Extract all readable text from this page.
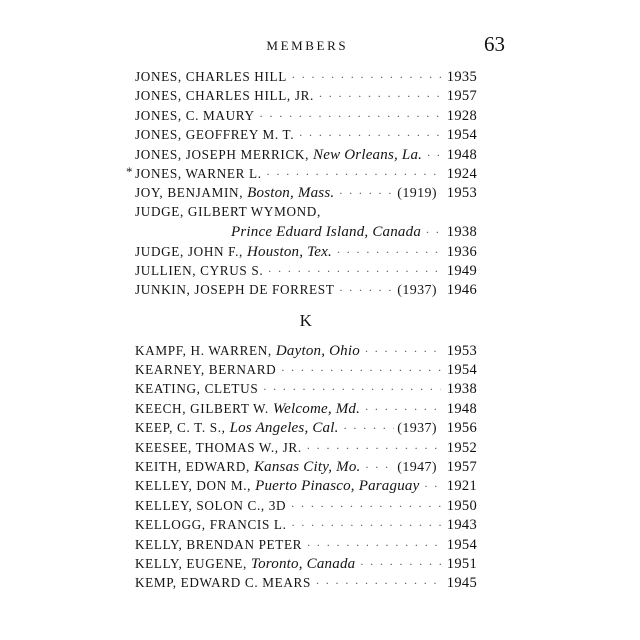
MEMBERS	63
JONES, CHARLES HILL . . .	1935
JONES, CHARLES HILL, JR. . . .	1957
JONES, C. MAURY . . .	1928
JONES, GEOFFREY M. T. . . .	1954
JONES, JOSEPH MERRICK, New Orleans, La. . . . 1948
* JONES, WARNER L. . . .	1924
JOY, BENJAMIN, Boston, Mass. . . .	(1919) 1953
JUDGE, GILBERT WYMOND,
Prince Eduard Island, Canada . . . 1938
JUDGE, JOHN F., Houston, Tex. . . .	1936
JULLIEN, CYRUS S. . . .	1949
JUNKIN, JOSEPH DE FORREST . . .	(1937) 1946
K
KAMPF, H. WARREN, Dayton, Ohio . . .	1953
KEARNEY, BERNARD . . .	1954
KEATING, CLETUS . . .	1938
KEECH, GILBERT W. Welcome, Md. . . .	1948
KEEP, C. T. S., Los Angeles, Cal. . . .	(1937) 1956
KEESEE, THOMAS W., JR. . . .	1952
KEITH, EDWARD, Kansas City, Mo. . . .	(1947) 1957
KELLEY, DON M., Puerto Pinasco, Paraguay . . . 1921
KELLEY, SOLON C., 3D . . .	1950
KELLOGG, FRANCIS L. . . .	1943
KELLY, BRENDAN PETER . . .	1954
KELLY, EUGENE, Toronto, Canada . . .	1951
KEMP, EDWARD C. MEARS . . .	1945
